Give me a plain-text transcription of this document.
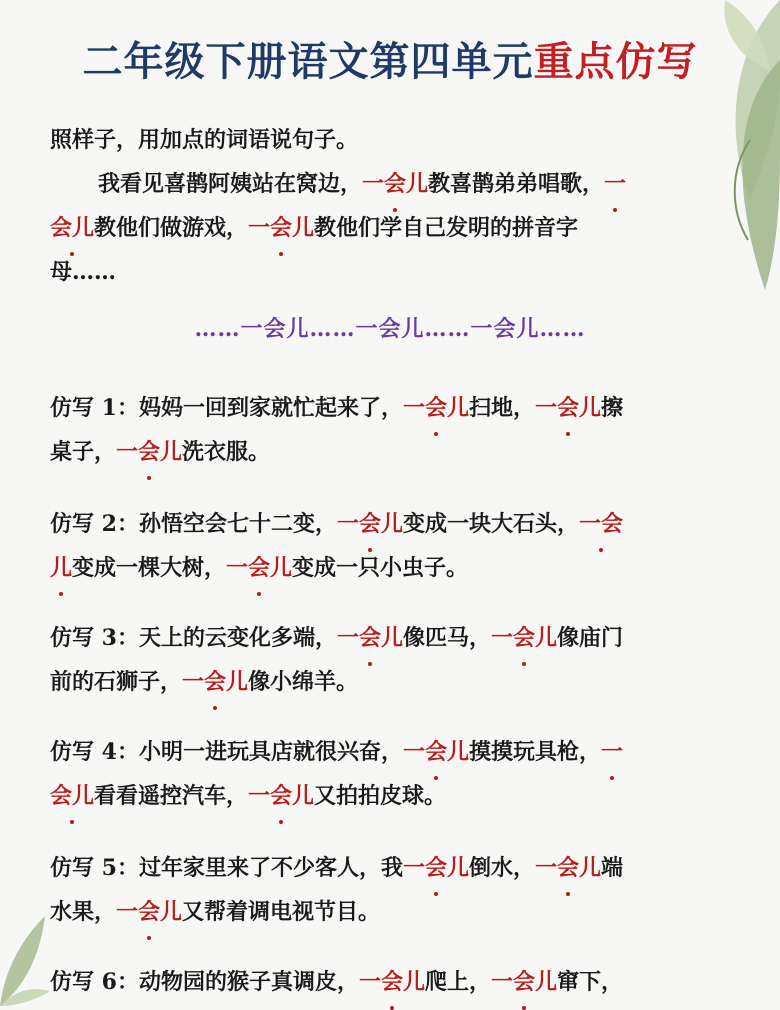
二年级下册语文第四单元重点仿写
照样子，用加点的词语说句子。
我看见喜鹊阿姨站在窝边，一会儿教喜鹊弟弟唱歌，一
会儿教他们做游戏，一会儿教他们学自己发明的拼音字
母……
……一会儿……一会儿……一会儿……
仿写 1：妈妈一回到家就忙起来了，一会儿扫地，一会儿擦
桌子，一会儿洗衣服。
仿写 2：孙悟空会七十二变，一会儿变成一块大石头，一会
儿变成一棵大树，一会儿变成一只小虫子。
仿写 3：天上的云变化多端，一会儿像匹马，一会儿像庙门
前的石狮子，一会儿像小绵羊。
仿写 4：小明一进玩具店就很兴奋，一会儿摸摸玩具枪，一
会儿看看遥控汽车，一会儿又拍拍皮球。
仿写 5：过年家里来了不少客人，我一会儿倒水，一会儿端
水果，一会儿又帮着调电视节目。
仿写 6：动物园的猴子真调皮，一会儿爬上，一会儿窜下，
